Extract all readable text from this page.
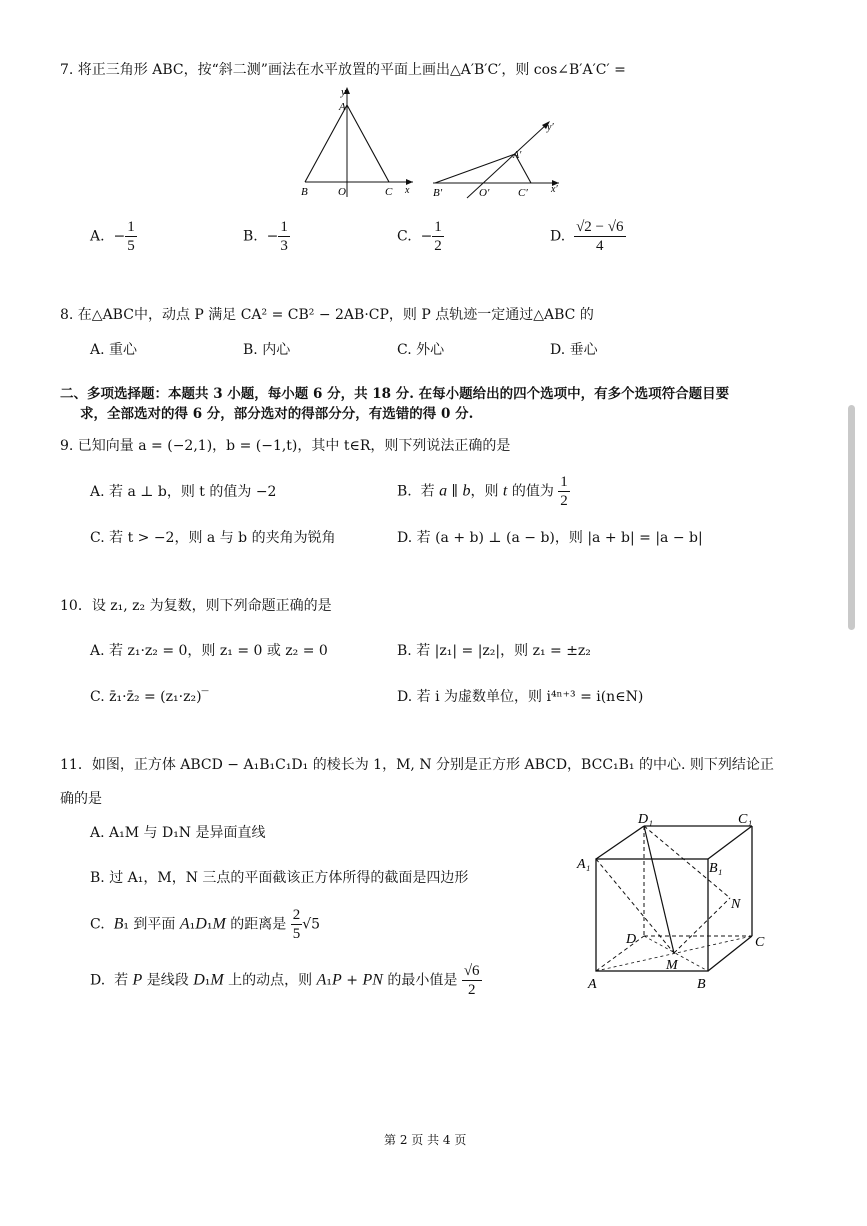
7. 将正三角形 ABC，按“斜二测”画法在水平放置的平面上画出△A′B′C′，则 cos∠B′A′C′ =
y
A
B	O	C x
y′
A′
B′	O′	C′ x′
A.  − $\frac{1}{5}$	B.  − $\frac{1}{3}$	C.  − $\frac{1}{2}$	D. $\frac{√2 - √6}{4}$
8. 在△ABC中，动点 P 满足 CA² = CB² − 2AB·CP，则 P 点轨迹一定通过△ABC 的
A. 重心	B. 内心	C. 外心	D. 垂心
二、多项选择题：本题共 3 小题，每小题 6 分，共 18 分. 在每小题给出的四个选项中，有多个选项符合题目要
求，全部选对的得 6 分，部分选对的得部分分，有选错的得 0 分.
9. 已知向量 a = (−2,1)，b = (−1,t)，其中 t∈R，则下列说法正确的是
A. 若 a ⊥ b，则 t 的值为 −2	B.  若 a ∥ b，则 t 的值为 $\frac{1}{2}$
C. 若 t > −2，则 a 与 b 的夹角为锐角	D. 若 (a + b) ⊥ (a − b)，则 |a + b| = |a − b|
10．设 z₁, z₂ 为复数，则下列命题正确的是
A. 若 z₁·z₂ = 0，则 z₁ = 0 或 z₂ = 0	B. 若 |z₁| = |z₂|，则 z₁ = ±z₂
C. z̄₁·z̄₂ = (z₁·z₂)‾	D. 若 i 为虚数单位，则 i⁴ⁿ⁺³ = i(n∈N)
11．如图，正方体 ABCD − A₁B₁C₁D₁ 的棱长为 1，M, N 分别是正方形 ABCD，BCC₁B₁ 的中心. 则下列结论正
确的是
A. A₁M 与 D₁N 是异面直线
B. 过 A₁，M，N 三点的平面截该正方体所得的截面是四边形
C.  B₁ 到平面 A₁D₁M 的距离是 $\frac{2}{5} √5$
D.  若 P 是线段 D₁M 上的动点，则 A₁P + PN 的最小值是 $\frac{√6}{2}$
D₁	C₁
A₁	B₁
N
D	C
M
A	B
第 2 页 共 4 页
